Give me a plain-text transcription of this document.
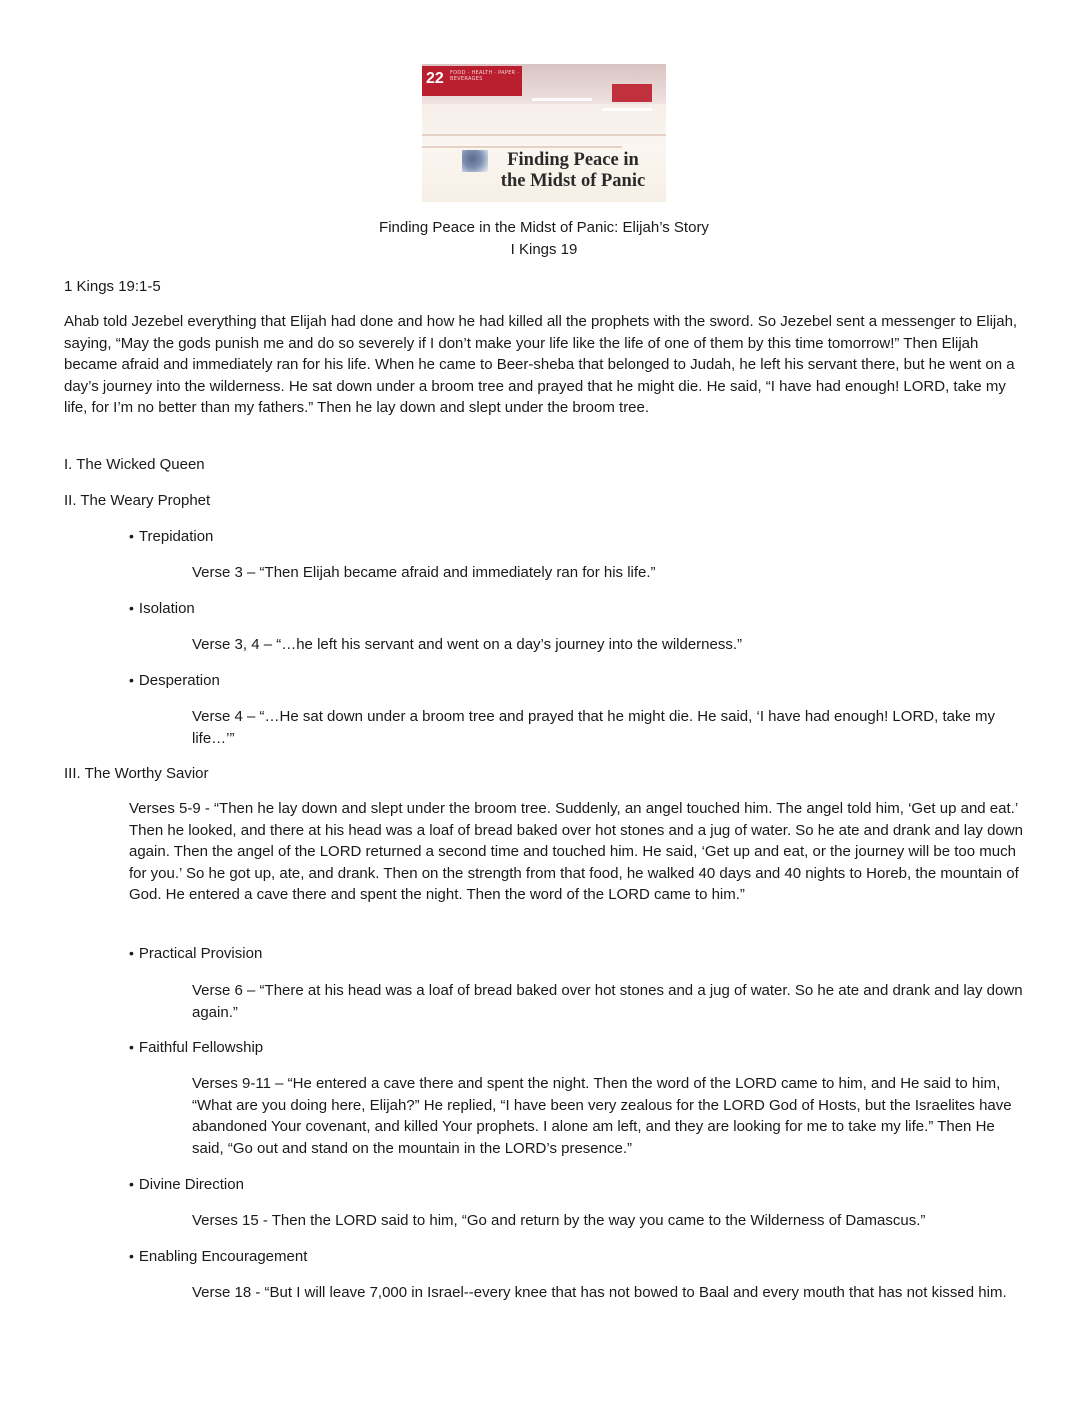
22 FOOD · HEALTH · PAPER · BEVERAGES
Finding Peace in
the Midst of Panic
Finding Peace in the Midst of Panic: Elijah’s Story
I Kings 19
1 Kings 19:1-5
Ahab told Jezebel everything that Elijah had done and how he had killed all the prophets with the sword. So Jezebel sent a messenger to Elijah, saying, “May the gods punish me and do so severely if I don’t make your life like the life of one of them by this time tomorrow!” Then Elijah became afraid and immediately ran for his life. When he came to Beer-sheba that belonged to Judah, he left his servant there, but he went on a day’s journey into the wilderness. He sat down under a broom tree and prayed that he might die. He said, “I have had enough! LORD, take my life, for I’m no better than my fathers.” Then he lay down and slept under the broom tree.
I. The Wicked Queen
II. The Weary Prophet
• Trepidation
Verse 3 – “Then Elijah became afraid and immediately ran for his life.”
• Isolation
Verse 3, 4 – “…he left his servant and went on a day’s journey into the wilderness.”
• Desperation
Verse 4 – “…He sat down under a broom tree and prayed that he might die. He said, ‘I have had enough! LORD, take my life…’”
III. The Worthy Savior
Verses 5-9 - “Then he lay down and slept under the broom tree. Suddenly, an angel touched him. The angel told him, ‘Get up and eat.’ Then he looked, and there at his head was a loaf of bread baked over hot stones and a jug of water. So he ate and drank and lay down again. Then the angel of the LORD returned a second time and touched him. He said, ‘Get up and eat, or the journey will be too much for you.’ So he got up, ate, and drank. Then on the strength from that food, he walked 40 days and 40 nights to Horeb, the mountain of God. He entered a cave there and spent the night. Then the word of the LORD came to him.”
• Practical Provision
Verse 6 – “There at his head was a loaf of bread baked over hot stones and a jug of water. So he ate and drank and lay down again.”
• Faithful Fellowship
Verses 9-11 – “He entered a cave there and spent the night. Then the word of the LORD came to him, and He said to him, “What are you doing here, Elijah?” He replied, “I have been very zealous for the LORD God of Hosts, but the Israelites have abandoned Your covenant, and killed Your prophets. I alone am left, and they are looking for me to take my life.” Then He said, “Go out and stand on the mountain in the LORD’s presence.”
• Divine Direction
Verses 15 - Then the LORD said to him, “Go and return by the way you came to the Wilderness of Damascus.”
• Enabling Encouragement
Verse 18 - “But I will leave 7,000 in Israel--every knee that has not bowed to Baal and every mouth that has not kissed him.
